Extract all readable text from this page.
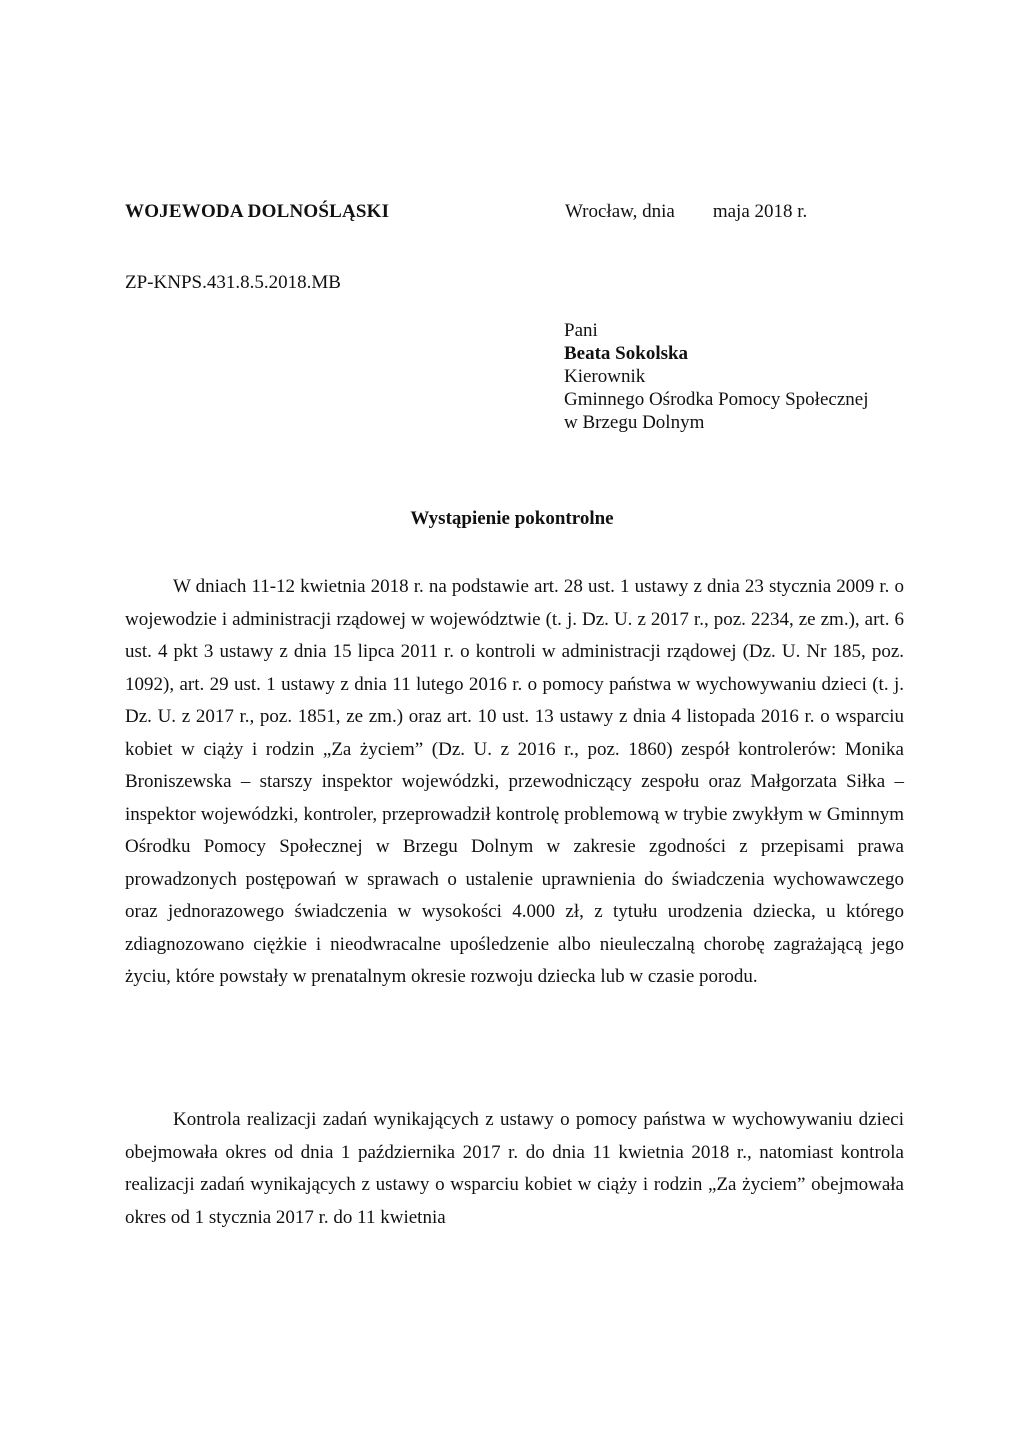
WOJEWODA DOLNOŚLĄSKI	Wrocław, dnia maja 2018 r.
ZP-KNPS.431.8.5.2018.MB
Pani
Beata Sokolska
Kierownik
Gminnego Ośrodka Pomocy Społecznej
w Brzegu Dolnym
Wystąpienie pokontrolne
W dniach 11-12 kwietnia 2018 r. na podstawie art. 28 ust. 1 ustawy z dnia 23 stycznia 2009 r. o wojewodzie i administracji rządowej w województwie (t. j. Dz. U. z 2017 r., poz. 2234, ze zm.), art. 6 ust. 4 pkt 3 ustawy z dnia 15 lipca 2011 r. o kontroli w administracji rządowej (Dz. U. Nr 185, poz. 1092), art. 29 ust. 1 ustawy z dnia 11 lutego 2016 r. o pomocy państwa w wychowywaniu dzieci (t. j. Dz. U. z 2017 r., poz. 1851, ze zm.) oraz art. 10 ust. 13 ustawy z dnia 4 listopada 2016 r. o wsparciu kobiet w ciąży i rodzin „Za życiem” (Dz. U. z 2016 r., poz. 1860) zespół kontrolerów: Monika Broniszewska – starszy inspektor wojewódzki, przewodniczący zespołu oraz Małgorzata Siłka – inspektor wojewódzki, kontroler, przeprowadził kontrolę problemową w trybie zwykłym w Gminnym Ośrodku Pomocy Społecznej w Brzegu Dolnym w zakresie zgodności z przepisami prawa prowadzonych postępowań w sprawach o ustalenie uprawnienia do świadczenia wychowawczego oraz jednorazowego świadczenia w wysokości 4.000 zł, z tytułu urodzenia dziecka, u którego zdiagnozowano ciężkie i nieodwracalne upośledzenie albo nieuleczalną chorobę zagrażającą jego życiu, które powstały w prenatalnym okresie rozwoju dziecka lub w czasie porodu.
Kontrola realizacji zadań wynikających z ustawy o pomocy państwa w wychowywaniu dzieci obejmowała okres od dnia 1 października 2017 r. do dnia 11 kwietnia 2018 r., natomiast kontrola realizacji zadań wynikających z ustawy o wsparciu kobiet w ciąży i rodzin „Za życiem” obejmowała okres od 1 stycznia 2017 r. do 11 kwietnia
